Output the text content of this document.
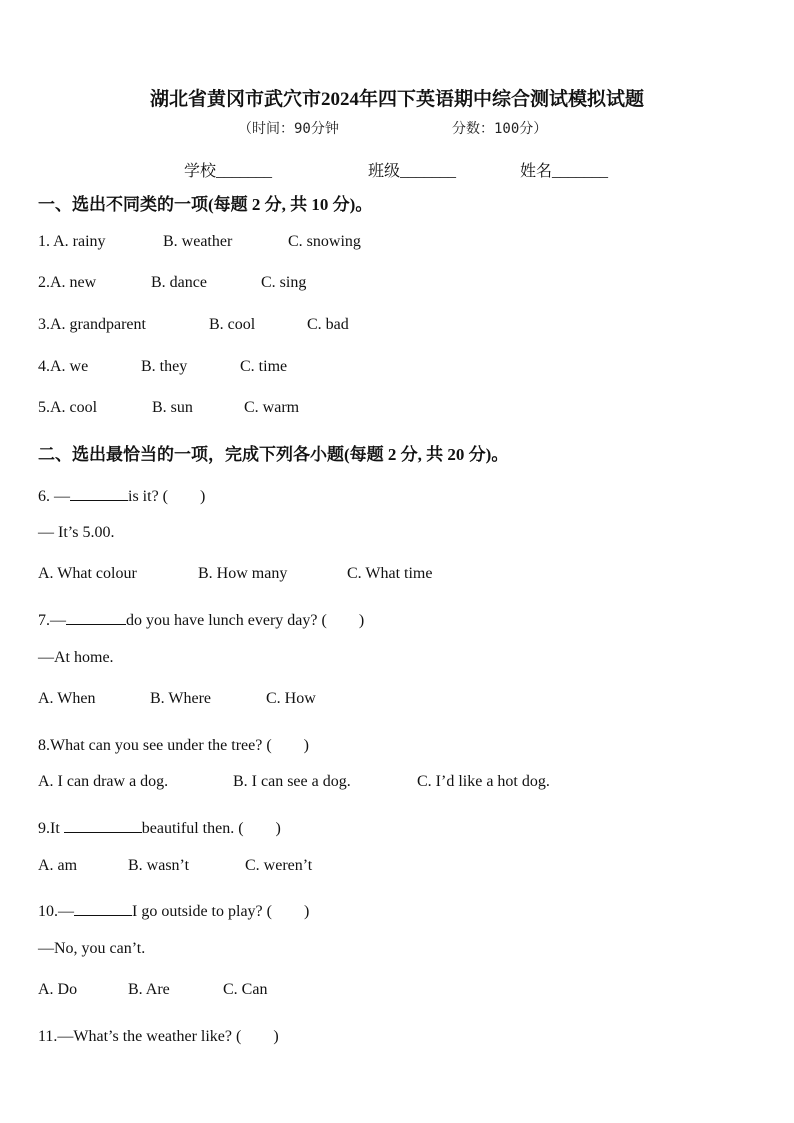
湖北省黄冈市武穴市2024年四下英语期中综合测试模拟试题
（时间：90分钟	分数：100分）
学校_______	班级_______	姓名_______
一、选出不同类的一项(每题 2 分, 共 10 分)。
1. A. rainy	B. weather	C. snowing
2.A. new	B. dance	C. sing
3.A. grandparent	B. cool	C. bad
4.A. we	B. they	C. time
5.A. cool	B. sun	C. warm
二、选出最恰当的一项，完成下列各小题(每题 2 分, 共 20 分)。
6. —	is it? (　　)
— It’s 5.00.
A. What colour	B. How many	C. What time
7.—	do you have lunch every day? (　　)
—At home.
A. When	B. Where	C. How
8.What can you see under the tree? (　　)
A. I can draw a dog.	B. I can see a dog.	C. I’d like a hot dog.
9.It	beautiful then. (　　)
A. am	B. wasn’t	C. weren’t
10.—	I go outside to play? (　　)
—No, you can’t.
A. Do	B. Are	C. Can
11.—What’s the weather like? (　　)
